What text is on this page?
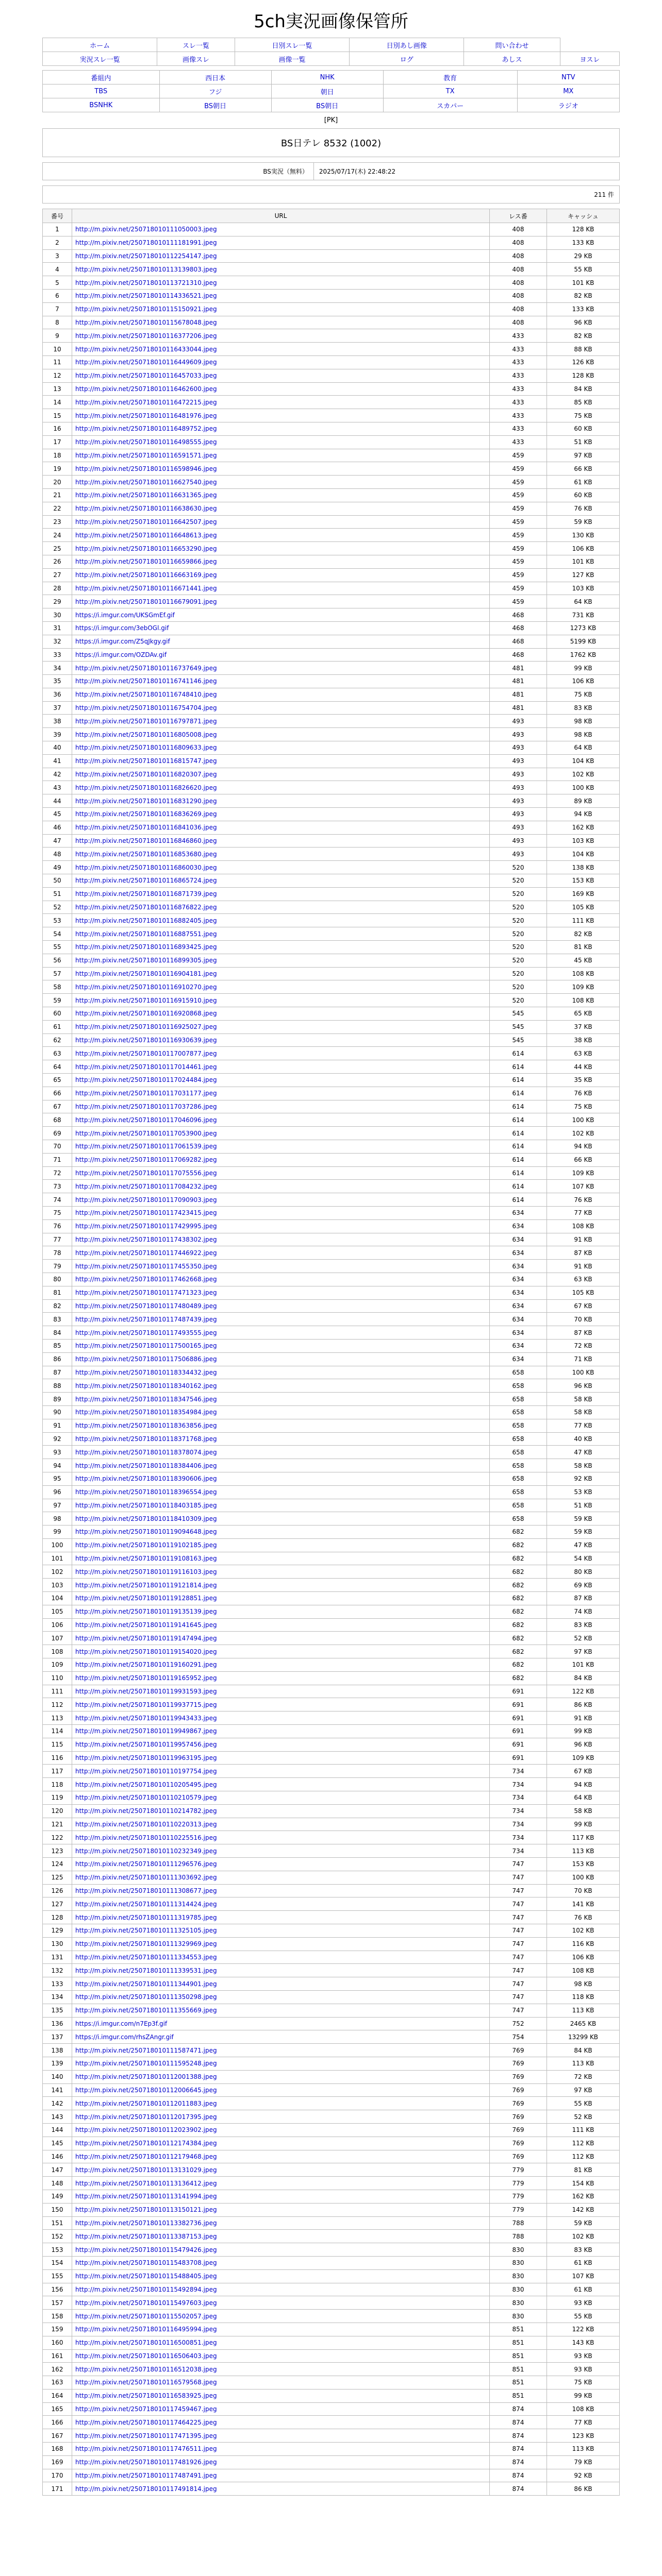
5ch実況画像保管所
ホーム	スレ一覧	日別スレ一覧	日別あし画像	問い合わせ	
実況スレ一覧	画像スレ	画像一覧	ログ	あしス	ヨスレ
番組内	西日本	NHK	教育	NTV
TBS	フジ	朝日	TX	MX
BSNHK	BS朝日	BS朝日	スカパー	ラジオ
[PK]
BS日テレ 8532 (1002)
BS実況（無料）	2025/07/17(木) 22:48:22
211 件
番号	URL	レス番	キャッシュ
1	http://m.pixiv.net/250718010111050003.jpeg	408	128 KB
2	http://m.pixiv.net/250718010111181991.jpeg	408	133 KB
3	http://m.pixiv.net/250718010112254147.jpeg	408	29 KB
4	http://m.pixiv.net/250718010113139803.jpeg	408	55 KB
5	http://m.pixiv.net/250718010113721310.jpeg	408	101 KB
6	http://m.pixiv.net/250718010114336521.jpeg	408	82 KB
7	http://m.pixiv.net/250718010115150921.jpeg	408	133 KB
8	http://m.pixiv.net/250718010115678048.jpeg	408	96 KB
9	http://m.pixiv.net/250718010116377206.jpeg	433	82 KB
10	http://m.pixiv.net/250718010116433044.jpeg	433	88 KB
11	http://m.pixiv.net/250718010116449609.jpeg	433	126 KB
12	http://m.pixiv.net/250718010116457033.jpeg	433	128 KB
13	http://m.pixiv.net/250718010116462600.jpeg	433	84 KB
14	http://m.pixiv.net/250718010116472215.jpeg	433	85 KB
15	http://m.pixiv.net/250718010116481976.jpeg	433	75 KB
16	http://m.pixiv.net/250718010116489752.jpeg	433	60 KB
17	http://m.pixiv.net/250718010116498555.jpeg	433	51 KB
18	http://m.pixiv.net/250718010116591571.jpeg	459	97 KB
19	http://m.pixiv.net/250718010116598946.jpeg	459	66 KB
20	http://m.pixiv.net/250718010116627540.jpeg	459	61 KB
21	http://m.pixiv.net/250718010116631365.jpeg	459	60 KB
22	http://m.pixiv.net/250718010116638630.jpeg	459	76 KB
23	http://m.pixiv.net/250718010116642507.jpeg	459	59 KB
24	http://m.pixiv.net/250718010116648613.jpeg	459	130 KB
25	http://m.pixiv.net/250718010116653290.jpeg	459	106 KB
26	http://m.pixiv.net/250718010116659866.jpeg	459	101 KB
27	http://m.pixiv.net/250718010116663169.jpeg	459	127 KB
28	http://m.pixiv.net/250718010116671441.jpeg	459	103 KB
29	http://m.pixiv.net/250718010116679091.jpeg	459	64 KB
30	https://i.imgur.com/UKSGmEf.gif	468	731 KB
31	https://i.imgur.com/3ebOGl.gif	468	1273 KB
32	https://i.imgur.com/Z5qJkgy.gif	468	5199 KB
33	https://i.imgur.com/OZDAv.gif	468	1762 KB
34	http://m.pixiv.net/250718010116737649.jpeg	481	99 KB
35	http://m.pixiv.net/250718010116741146.jpeg	481	106 KB
36	http://m.pixiv.net/250718010116748410.jpeg	481	75 KB
37	http://m.pixiv.net/250718010116754704.jpeg	481	83 KB
38	http://m.pixiv.net/250718010116797871.jpeg	493	98 KB
39	http://m.pixiv.net/250718010116805008.jpeg	493	98 KB
40	http://m.pixiv.net/250718010116809633.jpeg	493	64 KB
41	http://m.pixiv.net/250718010116815747.jpeg	493	104 KB
42	http://m.pixiv.net/250718010116820307.jpeg	493	102 KB
43	http://m.pixiv.net/250718010116826620.jpeg	493	100 KB
44	http://m.pixiv.net/250718010116831290.jpeg	493	89 KB
45	http://m.pixiv.net/250718010116836269.jpeg	493	94 KB
46	http://m.pixiv.net/250718010116841036.jpeg	493	162 KB
47	http://m.pixiv.net/250718010116846860.jpeg	493	103 KB
48	http://m.pixiv.net/250718010116853680.jpeg	493	104 KB
49	http://m.pixiv.net/250718010116860030.jpeg	520	138 KB
50	http://m.pixiv.net/250718010116865724.jpeg	520	153 KB
51	http://m.pixiv.net/250718010116871739.jpeg	520	169 KB
52	http://m.pixiv.net/250718010116876822.jpeg	520	105 KB
53	http://m.pixiv.net/250718010116882405.jpeg	520	111 KB
54	http://m.pixiv.net/250718010116887551.jpeg	520	82 KB
55	http://m.pixiv.net/250718010116893425.jpeg	520	81 KB
56	http://m.pixiv.net/250718010116899305.jpeg	520	45 KB
57	http://m.pixiv.net/250718010116904181.jpeg	520	108 KB
58	http://m.pixiv.net/250718010116910270.jpeg	520	109 KB
59	http://m.pixiv.net/250718010116915910.jpeg	520	108 KB
60	http://m.pixiv.net/250718010116920868.jpeg	545	65 KB
61	http://m.pixiv.net/250718010116925027.jpeg	545	37 KB
62	http://m.pixiv.net/250718010116930639.jpeg	545	38 KB
63	http://m.pixiv.net/250718010117007877.jpeg	614	63 KB
64	http://m.pixiv.net/250718010117014461.jpeg	614	44 KB
65	http://m.pixiv.net/250718010117024484.jpeg	614	35 KB
66	http://m.pixiv.net/250718010117031177.jpeg	614	76 KB
67	http://m.pixiv.net/250718010117037286.jpeg	614	75 KB
68	http://m.pixiv.net/250718010117046096.jpeg	614	100 KB
69	http://m.pixiv.net/250718010117053900.jpeg	614	102 KB
70	http://m.pixiv.net/250718010117061539.jpeg	614	94 KB
71	http://m.pixiv.net/250718010117069282.jpeg	614	66 KB
72	http://m.pixiv.net/250718010117075556.jpeg	614	109 KB
73	http://m.pixiv.net/250718010117084232.jpeg	614	107 KB
74	http://m.pixiv.net/250718010117090903.jpeg	614	76 KB
75	http://m.pixiv.net/250718010117423415.jpeg	634	77 KB
76	http://m.pixiv.net/250718010117429995.jpeg	634	108 KB
77	http://m.pixiv.net/250718010117438302.jpeg	634	91 KB
78	http://m.pixiv.net/250718010117446922.jpeg	634	87 KB
79	http://m.pixiv.net/250718010117455350.jpeg	634	91 KB
80	http://m.pixiv.net/250718010117462668.jpeg	634	63 KB
81	http://m.pixiv.net/250718010117471323.jpeg	634	105 KB
82	http://m.pixiv.net/250718010117480489.jpeg	634	67 KB
83	http://m.pixiv.net/250718010117487439.jpeg	634	70 KB
84	http://m.pixiv.net/250718010117493555.jpeg	634	87 KB
85	http://m.pixiv.net/250718010117500165.jpeg	634	72 KB
86	http://m.pixiv.net/250718010117506886.jpeg	634	71 KB
87	http://m.pixiv.net/250718010118334432.jpeg	658	100 KB
88	http://m.pixiv.net/250718010118340162.jpeg	658	96 KB
89	http://m.pixiv.net/250718010118347546.jpeg	658	58 KB
90	http://m.pixiv.net/250718010118354984.jpeg	658	58 KB
91	http://m.pixiv.net/250718010118363856.jpeg	658	77 KB
92	http://m.pixiv.net/250718010118371768.jpeg	658	40 KB
93	http://m.pixiv.net/250718010118378074.jpeg	658	47 KB
94	http://m.pixiv.net/250718010118384406.jpeg	658	58 KB
95	http://m.pixiv.net/250718010118390606.jpeg	658	92 KB
96	http://m.pixiv.net/250718010118396554.jpeg	658	53 KB
97	http://m.pixiv.net/250718010118403185.jpeg	658	51 KB
98	http://m.pixiv.net/250718010118410309.jpeg	658	59 KB
99	http://m.pixiv.net/250718010119094648.jpeg	682	59 KB
100	http://m.pixiv.net/250718010119102185.jpeg	682	47 KB
101	http://m.pixiv.net/250718010119108163.jpeg	682	54 KB
102	http://m.pixiv.net/250718010119116103.jpeg	682	80 KB
103	http://m.pixiv.net/250718010119121814.jpeg	682	69 KB
104	http://m.pixiv.net/250718010119128851.jpeg	682	87 KB
105	http://m.pixiv.net/250718010119135139.jpeg	682	74 KB
106	http://m.pixiv.net/250718010119141645.jpeg	682	83 KB
107	http://m.pixiv.net/250718010119147494.jpeg	682	52 KB
108	http://m.pixiv.net/250718010119154020.jpeg	682	97 KB
109	http://m.pixiv.net/250718010119160291.jpeg	682	101 KB
110	http://m.pixiv.net/250718010119165952.jpeg	682	84 KB
111	http://m.pixiv.net/250718010119931593.jpeg	691	122 KB
112	http://m.pixiv.net/250718010119937715.jpeg	691	86 KB
113	http://m.pixiv.net/250718010119943433.jpeg	691	91 KB
114	http://m.pixiv.net/250718010119949867.jpeg	691	99 KB
115	http://m.pixiv.net/250718010119957456.jpeg	691	96 KB
116	http://m.pixiv.net/250718010119963195.jpeg	691	109 KB
117	http://m.pixiv.net/250718010110197754.jpeg	734	67 KB
118	http://m.pixiv.net/250718010110205495.jpeg	734	94 KB
119	http://m.pixiv.net/250718010110210579.jpeg	734	64 KB
120	http://m.pixiv.net/250718010110214782.jpeg	734	58 KB
121	http://m.pixiv.net/250718010110220313.jpeg	734	99 KB
122	http://m.pixiv.net/250718010110225516.jpeg	734	117 KB
123	http://m.pixiv.net/250718010110232349.jpeg	734	113 KB
124	http://m.pixiv.net/250718010111296576.jpeg	747	153 KB
125	http://m.pixiv.net/250718010111303692.jpeg	747	100 KB
126	http://m.pixiv.net/250718010111308677.jpeg	747	70 KB
127	http://m.pixiv.net/250718010111314424.jpeg	747	141 KB
128	http://m.pixiv.net/250718010111319785.jpeg	747	76 KB
129	http://m.pixiv.net/250718010111325105.jpeg	747	102 KB
130	http://m.pixiv.net/250718010111329969.jpeg	747	116 KB
131	http://m.pixiv.net/250718010111334553.jpeg	747	106 KB
132	http://m.pixiv.net/250718010111339531.jpeg	747	108 KB
133	http://m.pixiv.net/250718010111344901.jpeg	747	98 KB
134	http://m.pixiv.net/250718010111350298.jpeg	747	118 KB
135	http://m.pixiv.net/250718010111355669.jpeg	747	113 KB
136	https://i.imgur.com/n7Ep3f.gif	752	2465 KB
137	https://i.imgur.com/rhsZAngr.gif	754	13299 KB
138	http://m.pixiv.net/250718010111587471.jpeg	769	84 KB
139	http://m.pixiv.net/250718010111595248.jpeg	769	113 KB
140	http://m.pixiv.net/250718010112001388.jpeg	769	72 KB
141	http://m.pixiv.net/250718010112006645.jpeg	769	97 KB
142	http://m.pixiv.net/250718010112011883.jpeg	769	55 KB
143	http://m.pixiv.net/250718010112017395.jpeg	769	52 KB
144	http://m.pixiv.net/250718010112023902.jpeg	769	111 KB
145	http://m.pixiv.net/250718010112174384.jpeg	769	112 KB
146	http://m.pixiv.net/250718010112179468.jpeg	769	112 KB
147	http://m.pixiv.net/250718010113131029.jpeg	779	81 KB
148	http://m.pixiv.net/250718010113136412.jpeg	779	154 KB
149	http://m.pixiv.net/250718010113141994.jpeg	779	162 KB
150	http://m.pixiv.net/250718010113150121.jpeg	779	142 KB
151	http://m.pixiv.net/250718010113382736.jpeg	788	59 KB
152	http://m.pixiv.net/250718010113387153.jpeg	788	102 KB
153	http://m.pixiv.net/250718010115479426.jpeg	830	83 KB
154	http://m.pixiv.net/250718010115483708.jpeg	830	61 KB
155	http://m.pixiv.net/250718010115488405.jpeg	830	107 KB
156	http://m.pixiv.net/250718010115492894.jpeg	830	61 KB
157	http://m.pixiv.net/250718010115497603.jpeg	830	93 KB
158	http://m.pixiv.net/250718010115502057.jpeg	830	55 KB
159	http://m.pixiv.net/250718010116495994.jpeg	851	122 KB
160	http://m.pixiv.net/250718010116500851.jpeg	851	143 KB
161	http://m.pixiv.net/250718010116506403.jpeg	851	93 KB
162	http://m.pixiv.net/250718010116512038.jpeg	851	93 KB
163	http://m.pixiv.net/250718010116579568.jpeg	851	75 KB
164	http://m.pixiv.net/250718010116583925.jpeg	851	99 KB
165	http://m.pixiv.net/250718010117459467.jpeg	874	108 KB
166	http://m.pixiv.net/250718010117464225.jpeg	874	77 KB
167	http://m.pixiv.net/250718010117471395.jpeg	874	123 KB
168	http://m.pixiv.net/250718010117476511.jpeg	874	113 KB
169	http://m.pixiv.net/250718010117481926.jpeg	874	79 KB
170	http://m.pixiv.net/250718010117487491.jpeg	874	92 KB
171	http://m.pixiv.net/250718010117491814.jpeg	874	86 KB
